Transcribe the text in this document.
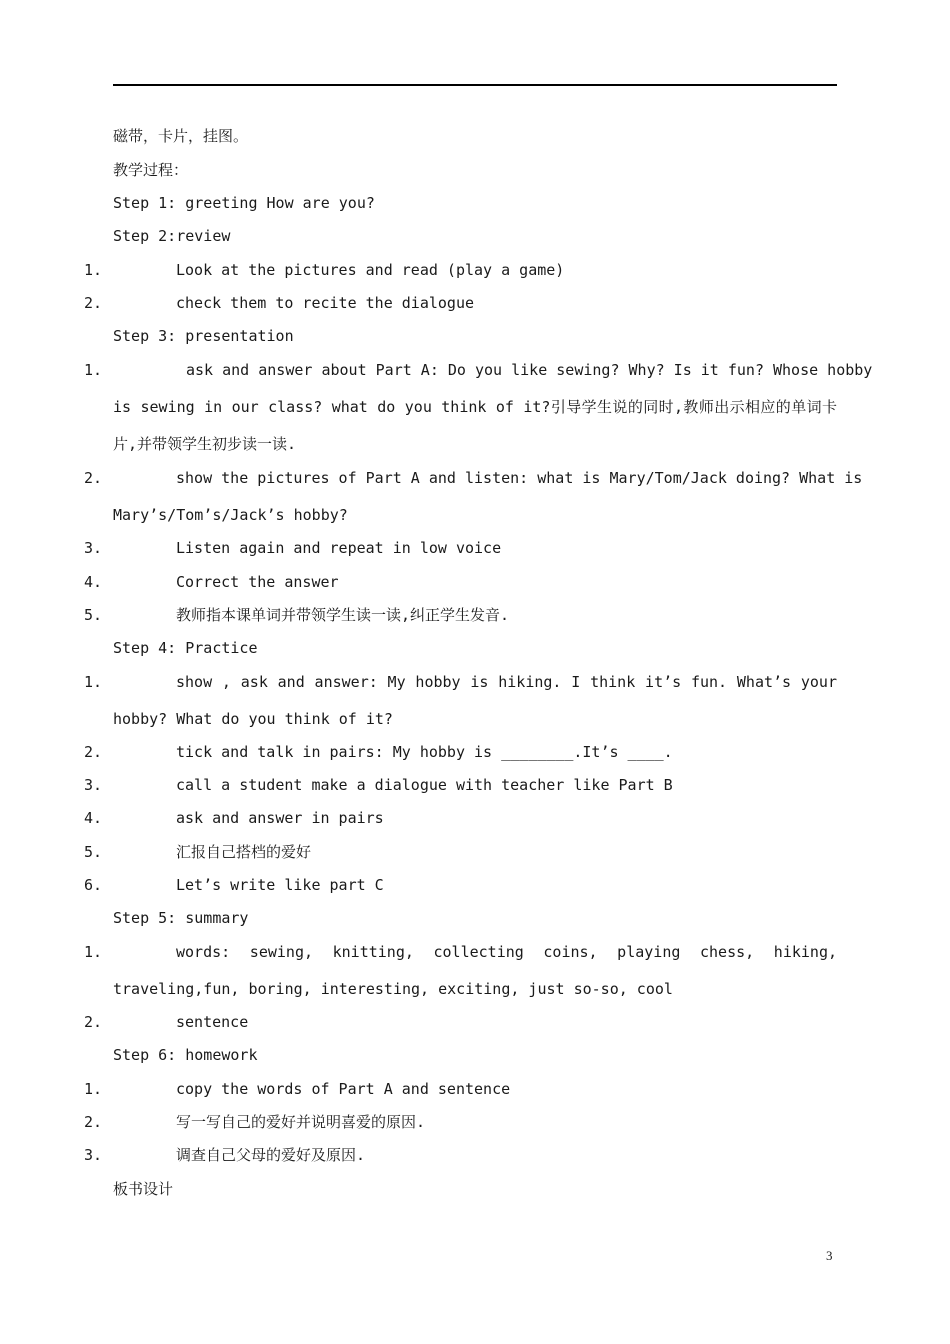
磁带，卡片，挂图。
教学过程：
Step 1: greeting How are you?
Step 2:review
1.	Look at the pictures and read (play a game)
2.	check them to recite the dialogue
Step 3: presentation
1.	ask and answer about Part A: Do you like sewing? Why? Is it fun? Whose hobby
is sewing in our class? what do you think of it?引导学生说的同时,教师出示相应的单词卡
片,并带领学生初步读一读.
2.	show the pictures of Part A and listen: what is Mary/Tom/Jack doing? What is
Mary’s/Tom’s/Jack’s hobby?
3.	Listen again and repeat in low voice
4.	Correct the answer
5.	教师指本课单词并带领学生读一读,纠正学生发音.
Step 4: Practice
1.	show , ask and answer: My hobby is hiking. I think it’s fun. What’s your
hobby? What do you think of it?
2.	tick and talk in pairs: My hobby is ________.It’s ____.
3.	call a student make a dialogue with teacher like Part B
4.	ask and answer in pairs
5.	汇报自己搭档的爱好
6.	Let’s write like part C
Step 5: summary
1.	words: sewing, knitting, collecting coins, playing chess, hiking,
traveling,fun, boring, interesting, exciting, just so-so, cool
2.	sentence
Step 6: homework
1.	copy the words of Part A and sentence
2.	写一写自己的爱好并说明喜爱的原因.
3.	调查自己父母的爱好及原因.
板书设计
3
